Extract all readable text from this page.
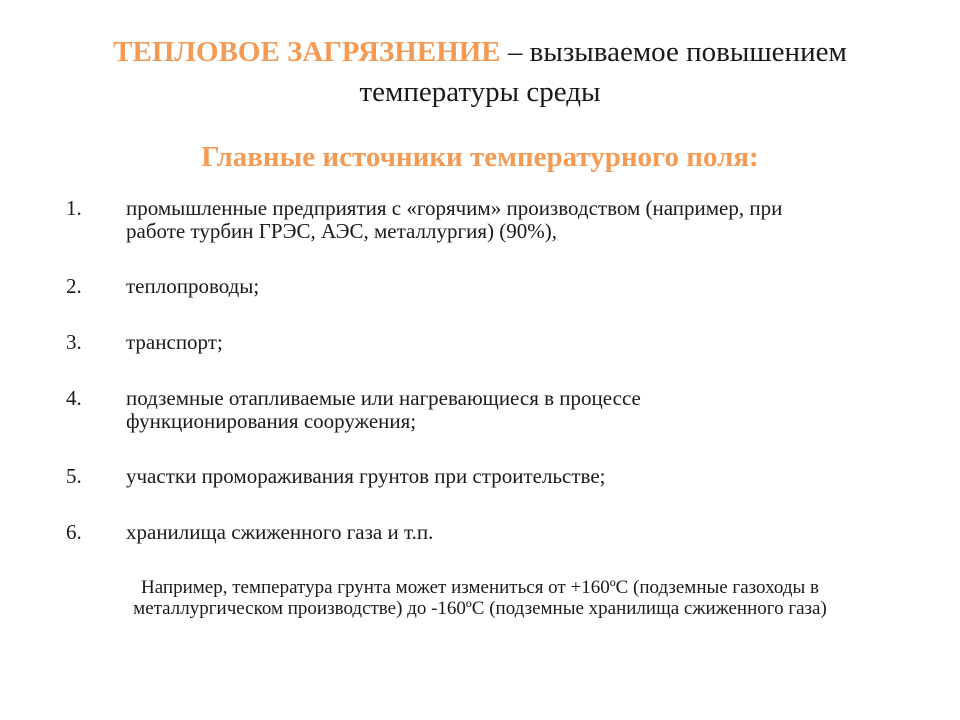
ТЕПЛОВОЕ ЗАГРЯЗНЕНИЕ – вызываемое повышением
температуры среды
Главные источники температурного поля:
1.	промышленные предприятия с «горячим» производством (например, при
работе турбин ГРЭС, АЭС, металлургия) (90%),
2.	теплопроводы;
3.	транспорт;
4.	подземные отапливаемые или нагревающиеся в процессе
функционирования сооружения;
5.	участки промораживания грунтов при строительстве;
6.	хранилища сжиженного газа и т.п.
Например, температура грунта может измениться от +160ºC (подземные газоходы в
металлургическом производстве) до -160ºC (подземные хранилища сжиженного газа)
